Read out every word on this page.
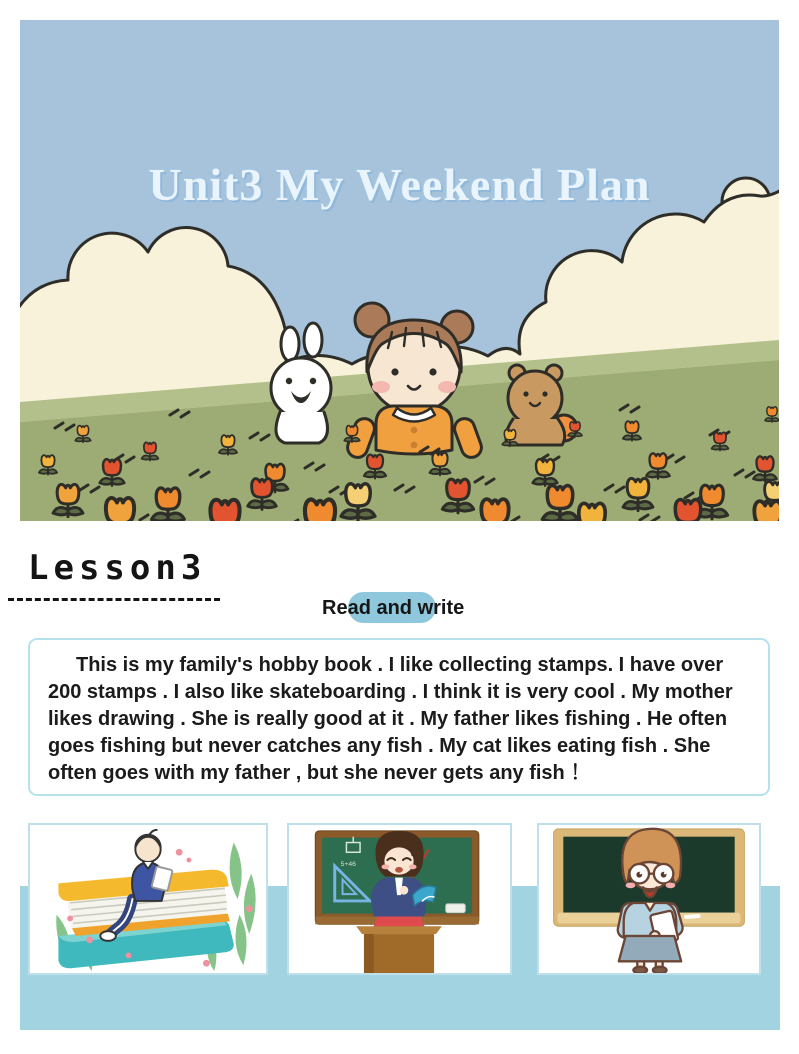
Unit3 My Weekend Plan
Lesson3
Read and write

This is my family's hobby book . I like collecting stamps. I have over 200 stamps . I also like skateboarding . I think it is very cool . My mother likes drawing . She is really good at it . My father likes fishing . He often goes fishing but never catches any fish . My cat likes eating fish . She often goes with my father , but she never gets any fish ！

5+46
